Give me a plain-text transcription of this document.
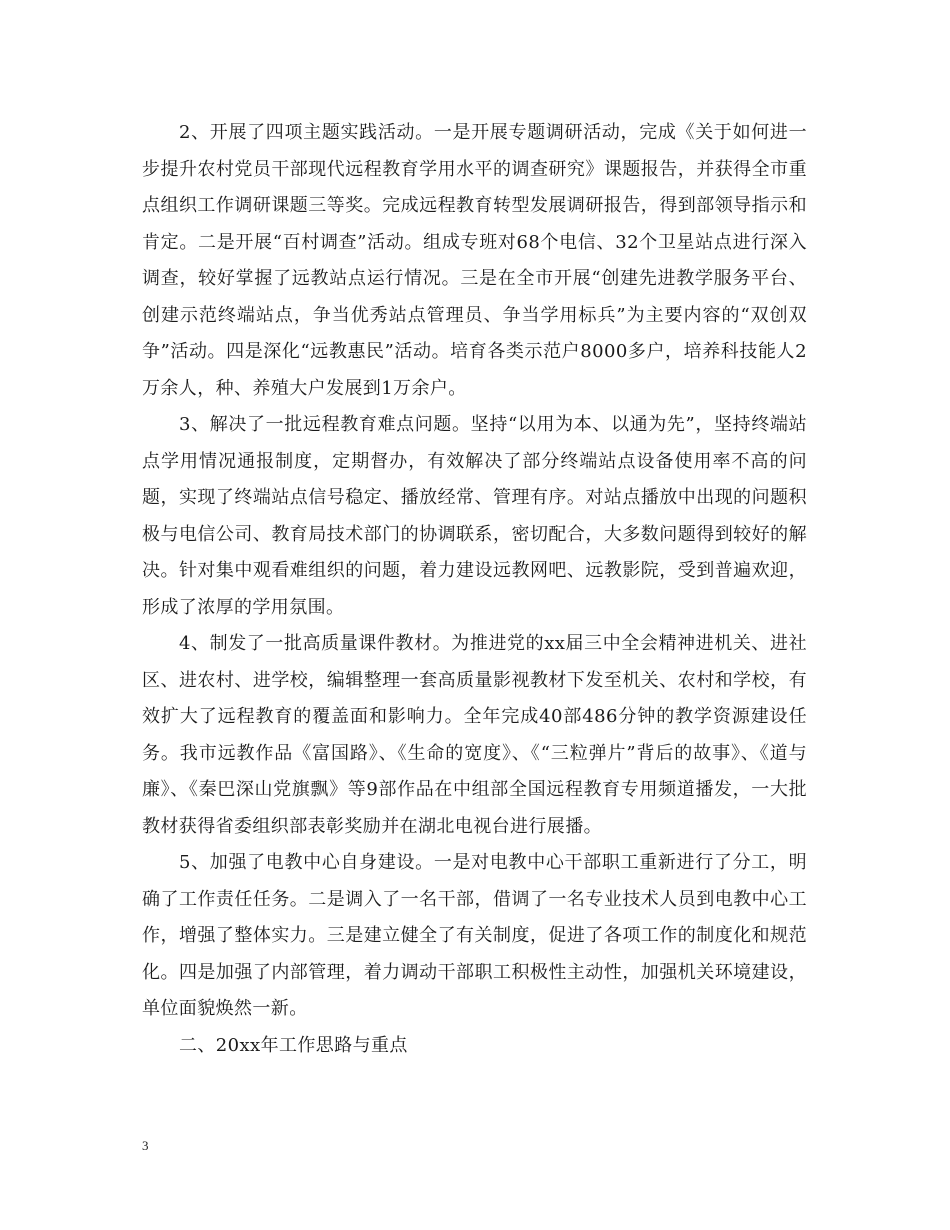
2、开展了四项主题实践活动。一是开展专题调研活动，完成《关于如何进一步提升农村党员干部现代远程教育学用水平的调查研究》课题报告，并获得全市重点组织工作调研课题三等奖。完成远程教育转型发展调研报告，得到部领导指示和肯定。二是开展“百村调查”活动。组成专班对68个电信、32个卫星站点进行深入调查，较好掌握了远教站点运行情况。三是在全市开展“创建先进教学服务平台、创建示范终端站点，争当优秀站点管理员、争当学用标兵”为主要内容的“双创双争”活动。四是深化“远教惠民”活动。培育各类示范户8000多户，培养科技能人2万余人，种、养殖大户发展到1万余户。

3、解决了一批远程教育难点问题。坚持“以用为本、以通为先”，坚持终端站点学用情况通报制度，定期督办，有效解决了部分终端站点设备使用率不高的问题，实现了终端站点信号稳定、播放经常、管理有序。对站点播放中出现的问题积极与电信公司、教育局技术部门的协调联系，密切配合，大多数问题得到较好的解决。针对集中观看难组织的问题，着力建设远教网吧、远教影院，受到普遍欢迎，形成了浓厚的学用氛围。

4、制发了一批高质量课件教材。为推进党的xx届三中全会精神进机关、进社区、进农村、进学校，编辑整理一套高质量影视教材下发至机关、农村和学校，有效扩大了远程教育的覆盖面和影响力。全年完成40部486分钟的教学资源建设任务。我市远教作品《富国路》、《生命的宽度》、《“三粒弹片”背后的故事》、《道与廉》、《秦巴深山党旗飘》等9部作品在中组部全国远程教育专用频道播发，一大批教材获得省委组织部表彰奖励并在湖北电视台进行展播。

5、加强了电教中心自身建设。一是对电教中心干部职工重新进行了分工，明确了工作责任任务。二是调入了一名干部，借调了一名专业技术人员到电教中心工作，增强了整体实力。三是建立健全了有关制度，促进了各项工作的制度化和规范化。四是加强了内部管理，着力调动干部职工积极性主动性，加强机关环境建设，单位面貌焕然一新。

二、20xx年工作思路与重点

3
